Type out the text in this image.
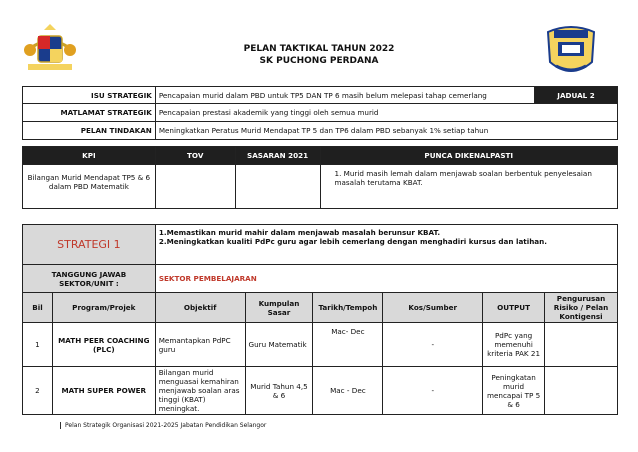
PELAN TAKTIKAL TAHUN 2022
SK PUCHONG PERDANA
ISU STRATEGIK	Pencapaian murid dalam PBD untuk TP5 DAN TP 6 masih belum melepasi tahap cemerlang	JADUAL 2
MATLAMAT STRATEGIK	Pencapaian prestasi akademik yang tinggi oleh semua murid	
PELAN TINDAKAN	Meningkatkan Peratus Murid Mendapat TP 5 dan TP6 dalam PBD sebanyak 1% setiap tahun	
KPI	TOV	SASARAN 2021	PUNCA DIKENALPASTI
Bilangan Murid Mendapat TP5 & 6 dalam PBD Matematik			1. Murid masih lemah dalam menjawab soalan berbentuk penyelesaian masalah terutama KBAT.
STRATEGI 1	1.Memastikan murid mahir dalam menjawab masalah berunsur KBAT.
2.Meningkatkan kualiti PdPc guru agar lebih cemerlang dengan menghadiri kursus dan latihan.

TANGGUNG JAWAB SEKTOR/UNIT :	SEKTOR PEMBELAJARAN
Bil	Program/Projek	Objektif	Kumpulan Sasar	Tarikh/Tempoh	Kos/Sumber	OUTPUT	Pengurusan Risiko / Pelan Kontigensi
1	MATH PEER COACHING (PLC)	Memantapkan PdPC guru	Guru Matematik	Mac- Dec	-	PdPc yang memenuhi kriteria PAK 21	
2	MATH SUPER POWER	Bilangan murid menguasai kemahiran menjawab soalan aras tinggi (KBAT) meningkat.	Murid Tahun 4,5 & 6	Mac - Dec	-	Peningkatan murid mencapai TP 5 & 6	
Pelan Strategik Organisasi 2021-2025 Jabatan Pendidikan Selangor
